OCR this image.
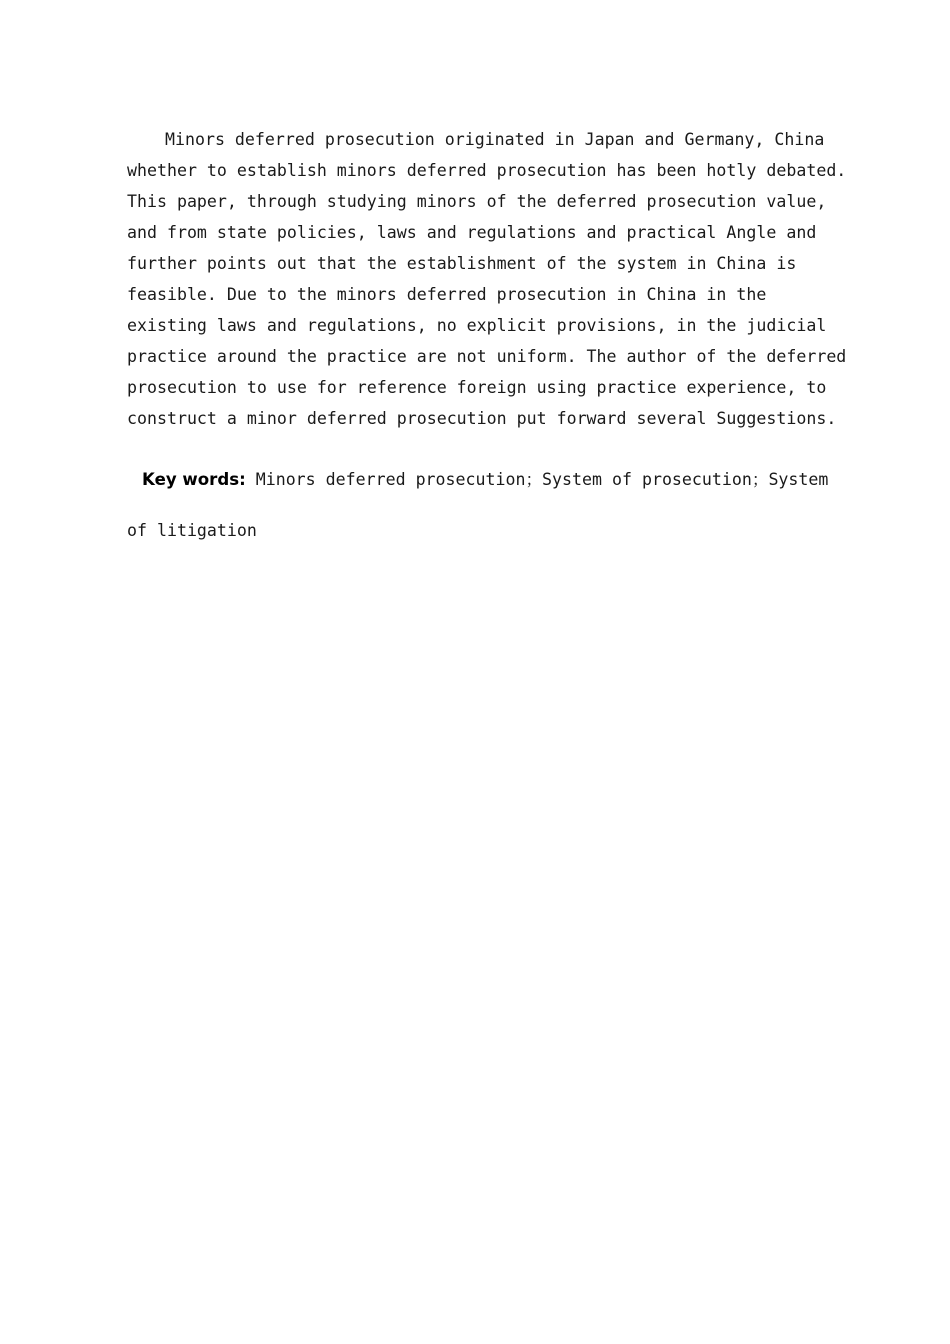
Minors deferred prosecution originated in Japan and Germany, China
whether to establish minors deferred prosecution has been hotly debated.
This paper, through studying minors of the deferred prosecution value,
and from state policies, laws and regulations and practical Angle and
further points out that the establishment of the system in China is
feasible. Due to the minors deferred prosecution in China in the
existing laws and regulations, no explicit provisions, in the judicial
practice around the practice are not uniform. The author of the deferred
prosecution to use for reference foreign using practice experience, to
construct a minor deferred prosecution put forward several Suggestions.
Key words: Minors deferred prosecution；System of prosecution；System
of litigation
